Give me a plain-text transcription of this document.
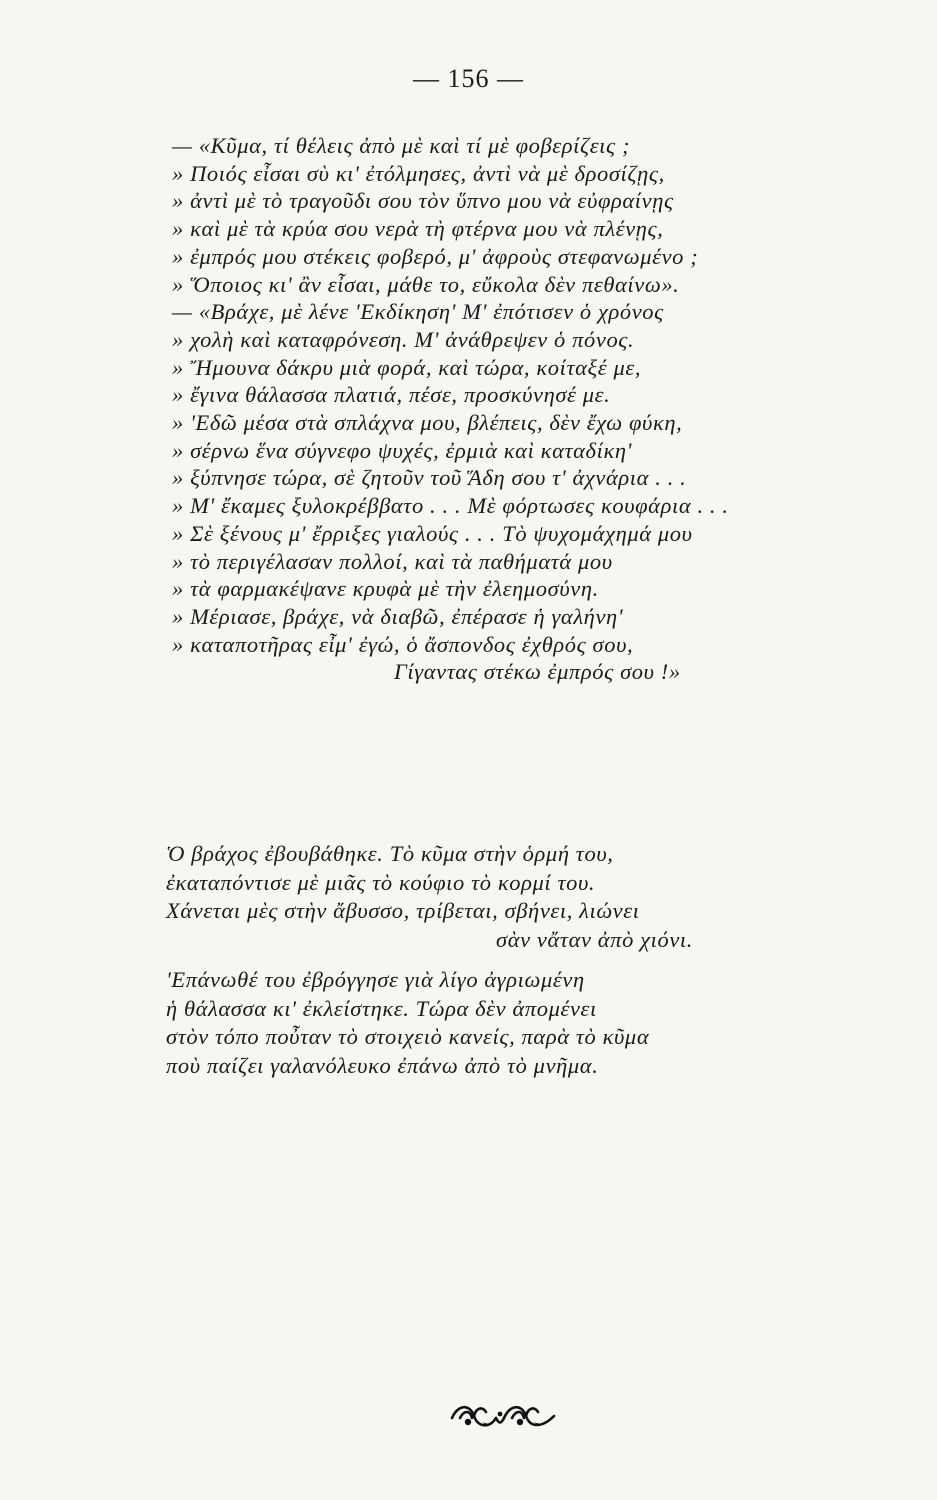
— 156 —
— «Κῦμα, τί θέλεις ἀπὸ μὲ καὶ τί μὲ φοβερίζεις ;
» Ποιός εἶσαι σὺ κι' ἐτόλμησες, ἀντὶ νὰ μὲ δροσίζῃς,
» ἀντὶ μὲ τὸ τραγοῦδι σου τὸν ὕπνο μου νὰ εὐφραίνῃς
» καὶ μὲ τὰ κρύα σου νερὰ τὴ φτέρνα μου νὰ πλένῃς,
» ἐμπρός μου στέκεις φοβερό, μ' ἀφροὺς στεφανωμένο ;
» Ὅποιος κι' ἂν εἶσαι, μάθε το, εὔκολα δὲν πεθαίνω».
— «Βράχε, μὲ λένε 'Εκδίκηση' Μ' ἐπότισεν ὁ χρόνος
» χολὴ καὶ καταφρόνεση. Μ' ἀνάθρεψεν ὁ πόνος.
» Ἤμουνα δάκρυ μιὰ φορά, καὶ τώρα, κοίταξέ με,
» ἔγινα θάλασσα πλατιά, πέσε, προσκύνησέ με.
» 'Εδῶ μέσα στὰ σπλάχνα μου, βλέπεις, δὲν ἔχω φύκη,
» σέρνω ἕνα σύγνεφο ψυχές, ἐρμιὰ καὶ καταδίκη'
» ξύπνησε τώρα, σὲ ζητοῦν τοῦ Ἅδη σου τ' ἀχνάρια . . .
» Μ' ἔκαμες ξυλοκρέββατο . . . Μὲ φόρτωσες κουφάρια . . .
» Σὲ ξένους μ' ἔρριξες γιαλούς . . . Τὸ ψυχομάχημά μου
» τὸ περιγέλασαν πολλοί, καὶ τὰ παθήματά μου
» τὰ φαρμακέψανε κρυφὰ μὲ τὴν ἐλεημοσύνη.
» Μέριασε, βράχε, νὰ διαβῶ, ἐπέρασε ἡ γαλήνη'
» καταποτῆρας εἶμ' ἐγώ, ὁ ἄσπονδος ἐχθρός σου,
Γίγαντας στέκω ἐμπρός σου !»
Ὁ βράχος ἐβουβάθηκε. Τὸ κῦμα στὴν ὁρμή του,
ἐκαταπόντισε μὲ μιᾶς τὸ κούφιο τὸ κορμί του.
Χάνεται μὲς στὴν ἄβυσσο, τρίβεται, σβήνει, λιώνει
σὰν νἄταν ἀπὸ χιόνι.
'Επάνωθέ του ἐβρόγγησε γιὰ λίγο ἀγριωμένη
ἡ θάλασσα κι' ἐκλείστηκε. Τώρα δὲν ἀπομένει
στὸν τόπο ποὖταν τὸ στοιχειὸ κανείς, παρὰ τὸ κῦμα
ποὺ παίζει γαλανόλευκο ἐπάνω ἀπὸ τὸ μνῆμα.
